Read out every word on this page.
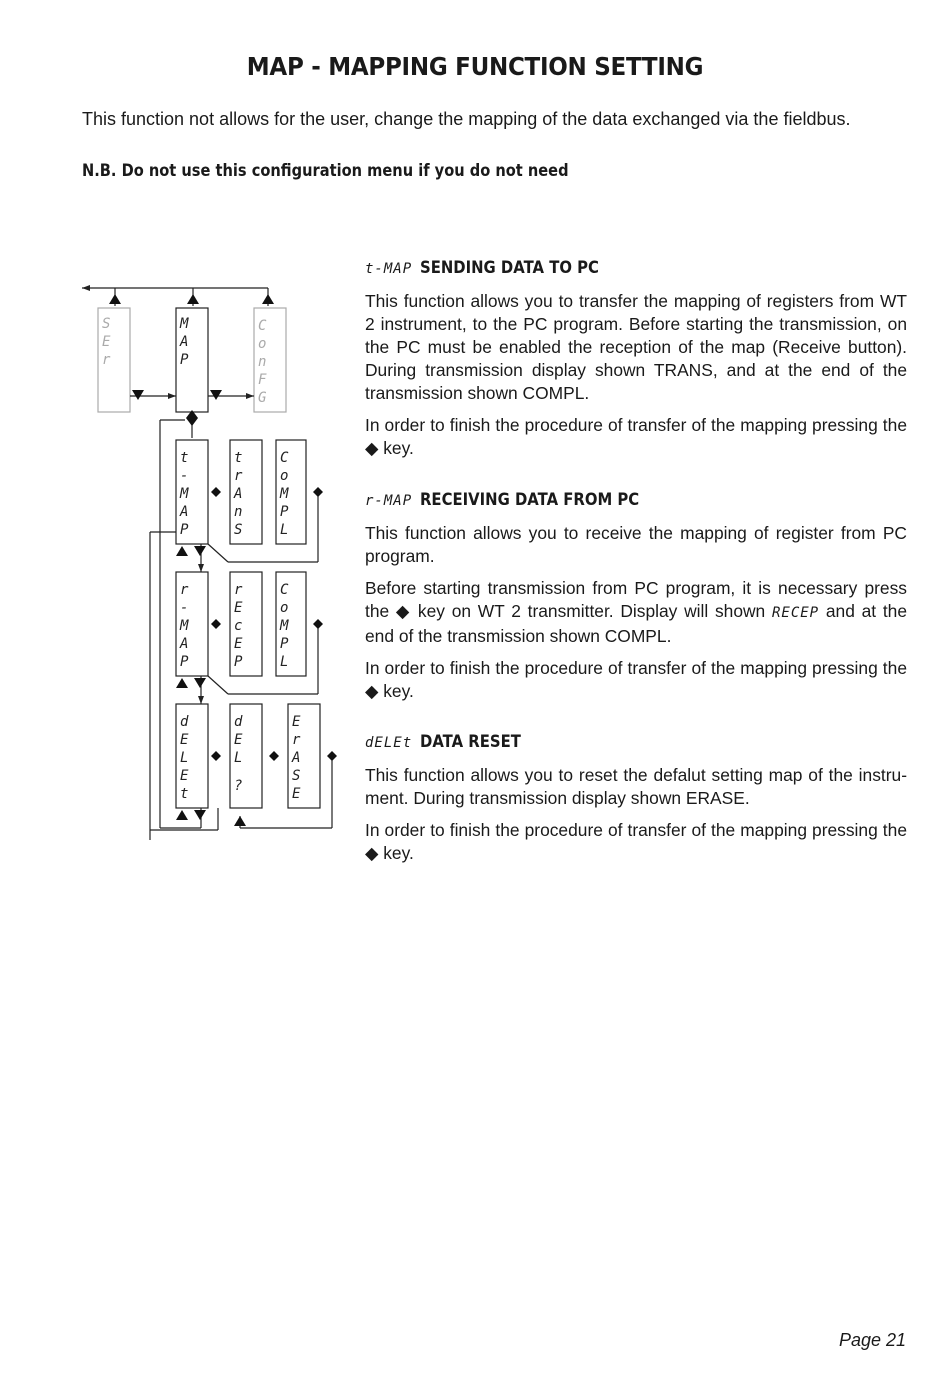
MAP - MAPPING FUNCTION SETTING
This function not allows for the user, change the mapping of the data exchanged via the fieldbus.
N.B. Do not use this configuration menu if you do not need
S
E
r
M
A
P
C
o
n
F
G
t
-
M
A
P
t
r
A
n
S
C
o
M
P
L
r
-
M
A
P
r
E
c
E
P
C
o
M
P
L
d
E
L
E
t
d
E
L
?
E
r
A
S
E
t-MAP SENDING DATA TO PC

This function allows you to transfer the mapping of registers from WT 2 instrument, to the PC program. Before starting the transmission, on the PC must be enabled the reception of the map (Receive button). During transmission display shown TRANS, and at the end of the transmission shown COMPL.

In order to finish the procedure of transfer of the mapping pressing the ◆ key.

r-MAP RECEIVING DATA FROM PC

This function allows you to receive the mapping of register from PC program.

Before starting transmission from PC program, it is necessary press the ◆ key on WT 2 transmitter. Display will shown RECEP and at the end of the transmission shown COMPL.

In order to finish the procedure of transfer of the mapping pressing the ◆ key.

dELEt DATA RESET

This function allows you to reset the defalut setting map of the instru-ment. During transmission display shown ERASE.

In order to finish the procedure of transfer of the mapping pressing the ◆ key.

Page 21
